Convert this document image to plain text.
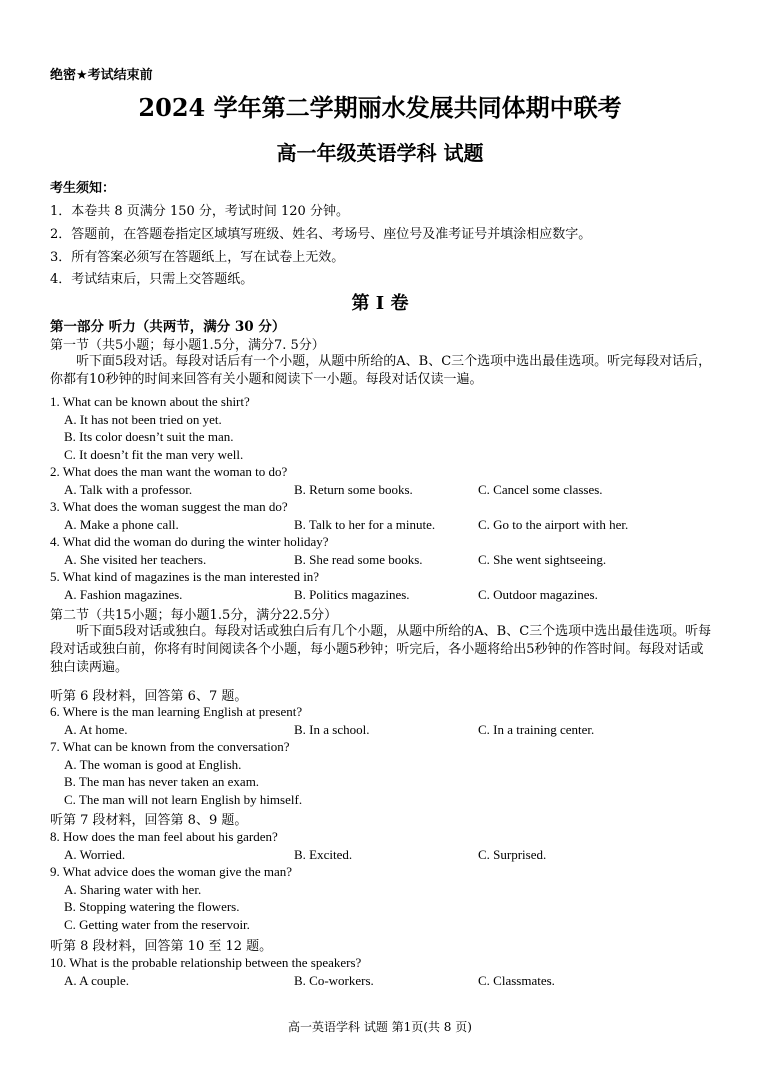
绝密★考试结束前
2024 学年第二学期丽水发展共同体期中联考
高一年级英语学科 试题
考生须知：
1．本卷共 8 页满分 150 分，考试时间 120 分钟。
2．答题前，在答题卷指定区域填写班级、姓名、考场号、座位号及准考证号并填涂相应数字。
3．所有答案必须写在答题纸上，写在试卷上无效。
4．考试结束后，只需上交答题纸。
第 I 卷
第一部分 听力（共两节，满分 30 分）
第一节（共5小题；每小题1.5分，满分7. 5分）
听下面5段对话。每段对话后有一个小题，从题中所给的A、B、C三个选项中选出最佳选项。听完每段对话后，你都有10秒钟的时间来回答有关小题和阅读下一小题。每段对话仅读一遍。
1. What can be known about the shirt?
A. It has not been tried on yet.
B. Its color doesn’t suit the man.
C. It doesn’t fit the man very well.
2. What does the man want the woman to do?
A. Talk with a professor.	B. Return some books.	C. Cancel some classes.
3. What does the woman suggest the man do?
A. Make a phone call.	B. Talk to her for a minute.	C. Go to the airport with her.
4. What did the woman do during the winter holiday?
A. She visited her teachers.	B. She read some books.	C. She went sightseeing.
5. What kind of magazines is the man interested in?
A. Fashion magazines.	B. Politics magazines.	C. Outdoor magazines.
第二节（共15小题；每小题1.5分，满分22.5分）
听下面5段对话或独白。每段对话或独白后有几个小题，从题中所给的A、B、C三个选项中选出最佳选项。听每段对话或独白前，你将有时间阅读各个小题，每小题5秒钟；听完后，各小题将给出5秒钟的作答时间。每段对话或独白读两遍。
听第 6 段材料，回答第 6、7 题。
6. Where is the man learning English at present?
A. At home.	B. In a school.	C. In a training center.
7. What can be known from the conversation?
A. The woman is good at English.
B. The man has never taken an exam.
C. The man will not learn English by himself.
听第 7 段材料，回答第 8、9 题。
8. How does the man feel about his garden?
A. Worried.	B. Excited.	C. Surprised.
9. What advice does the woman give the man?
A. Sharing water with her.
B. Stopping watering the flowers.
C. Getting water from the reservoir.
听第 8 段材料，回答第 10 至 12 题。
10. What is the probable relationship between the speakers?
A. A couple.	B. Co-workers.	C. Classmates.
高一英语学科 试题 第1页(共 8 页)
